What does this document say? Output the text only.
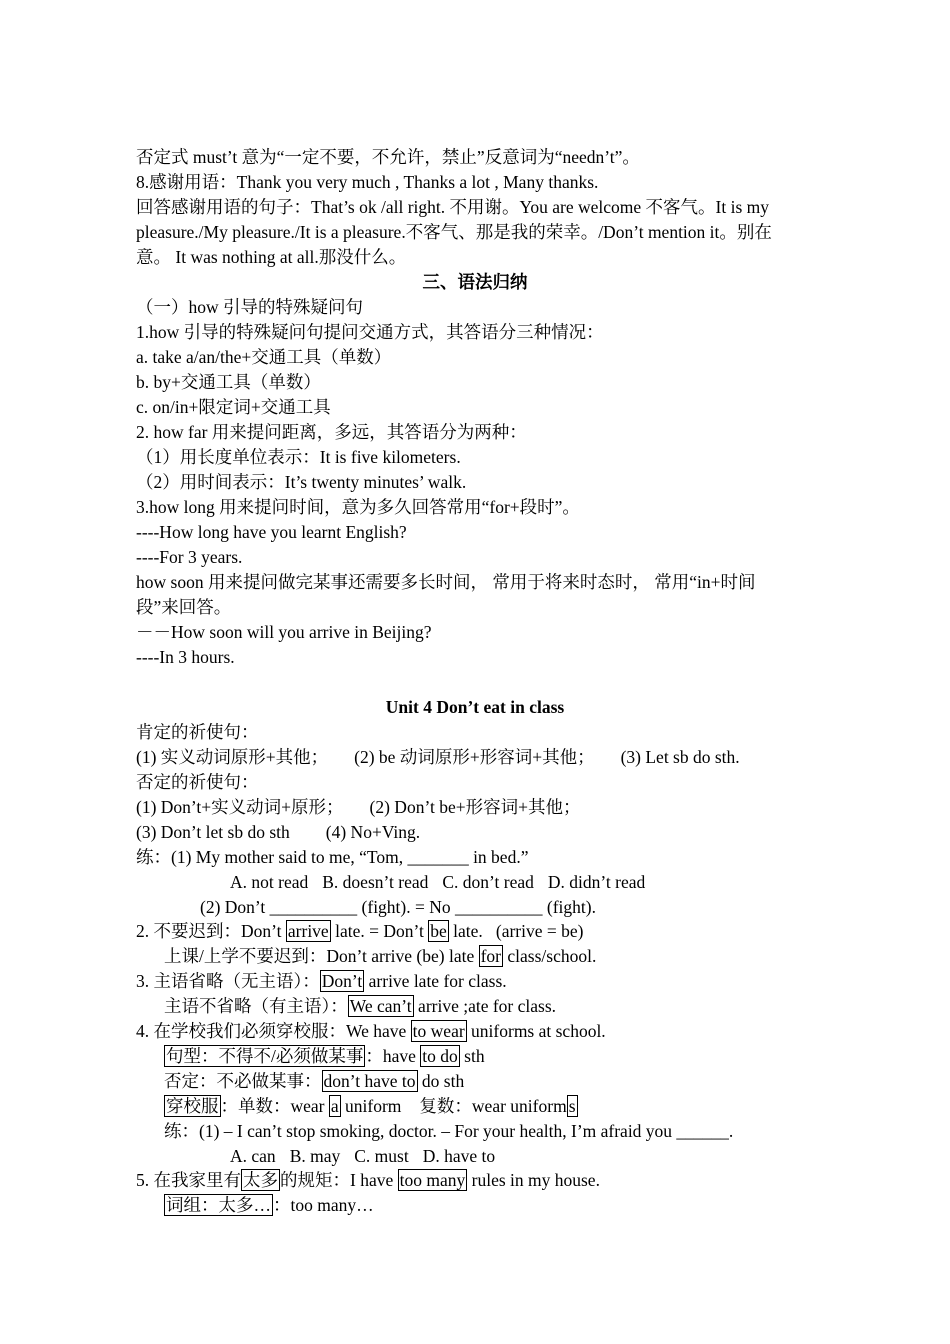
否定式 must’t 意为“一定不要，不允许，禁止”反意词为“needn’t”。
8.感谢用语：Thank you very much , Thanks a lot , Many thanks.
回答感谢用语的句子：That’s ok /all right. 不用谢。You are welcome 不客气。It is my
pleasure./My pleasure./It is a pleasure.不客气、那是我的荣幸。/Don’t mention it。别在
意。 It was nothing at all.那没什么。
三、语法归纳
（一）how 引导的特殊疑问句
1.how 引导的特殊疑问句提问交通方式，其答语分三种情况：
a. take a/an/the+交通工具（单数）
b. by+交通工具（单数）
c. on/in+限定词+交通工具
2. how far 用来提问距离，多远，其答语分为两种：
（1）用长度单位表示：It is five kilometers.
（2）用时间表示：It’s twenty minutes’ walk.
3.how long 用来提问时间，意为多久回答常用“for+段时”。
----How long have you learnt English?
----For 3 years.
how soon 用来提问做完某事还需要多长时间， 常用于将来时态时， 常用“in+时间
段”来回答。
－－How soon will you arrive in Beijing?
----In 3 hours.
Unit 4 Don’t eat in class
肯定的祈使句：
(1) 实义动词原形+其他； (2) be 动词原形+形容词+其他； (3) Let sb do sth.
否定的祈使句：
(1) Don’t+实义动词+原形； (2) Don’t be+形容词+其他；
(3) Don’t let sb do sth (4) No+Ving.
练：(1) My mother said to me, “Tom, _______ in bed.”
A. not read B. doesn’t read C. don’t read D. didn’t read
(2) Don’t __________ (fight). = No __________ (fight).
2. 不要迟到：Don’t arrive late. = Don’t be late.   (arrive = be)
上课/上学不要迟到：Don’t arrive (be) late for class/school.
3. 主语省略（无主语）： Don’t arrive late for class.
主语不省略（有主语）： We can’t arrive ;ate for class.
4. 在学校我们必须穿校服：We have to wear uniforms at school.
句型：不得不/必须做某事 ：have to do sth
否定：不必做某事： don’t have to do sth
穿校服 ：单数：wear a uniform 复数：wear uniform s
练：(1) – I can’t stop smoking, doctor. – For your health, I’m afraid you ______.
A. can B. may C. must D. have to
5. 在我家里有 太多 的规矩：I have too many rules in my house.
词组：太多… ：too many…
